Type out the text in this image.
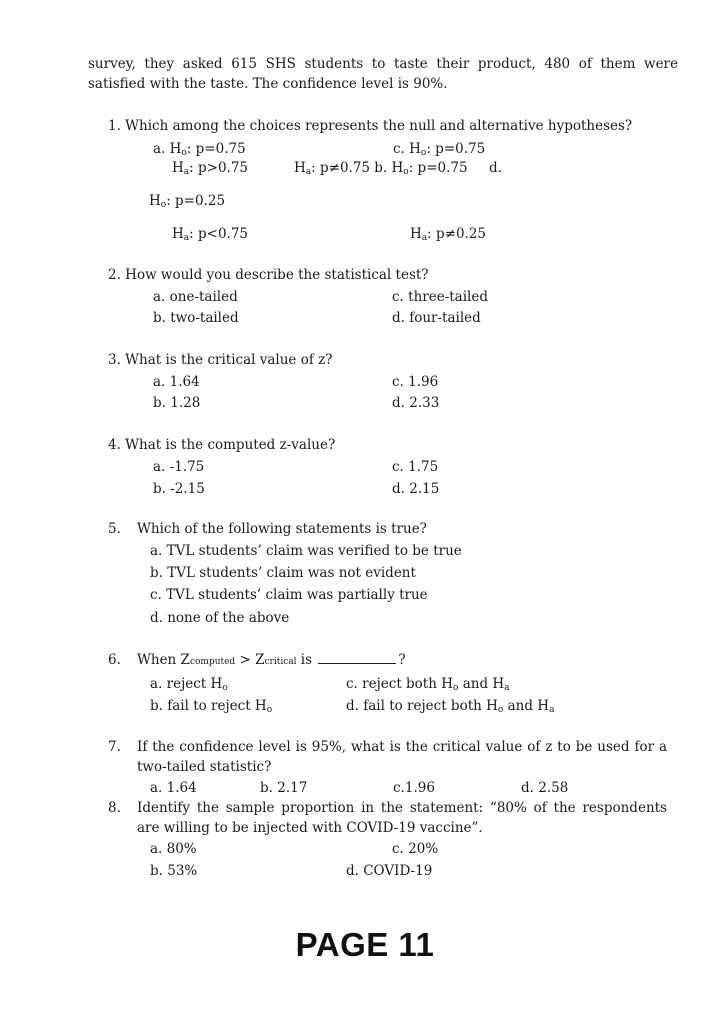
survey, they asked 615 SHS students to taste their product, 480 of them were satisfied with the taste. The confidence level is 90%.
1. Which among the choices represents the null and alternative hypotheses?
a. $H_o$: p=0.75	c. $H_o$: p=0.75
$H_a$: p>0.75	$H_a$: p≠0.75 b. $H_o$: p=0.75 d.
$H_o$: p=0.25
$H_a$: p<0.75	$H_a$: p≠0.25
2. How would you describe the statistical test?
a. one-tailed
b. two-tailed
c. three-tailed
d. four-tailed
3. What is the critical value of z?
a. 1.64
b. 1.28
c. 1.96
d. 2.33
4. What is the computed z-value?
a. -1.75
b. -2.15
c. 1.75
d. 2.15
5. Which of the following statements is true?
a. TVL students’ claim was verified to be true
b. TVL students’ claim was not evident
c. TVL students’ claim was partially true
d. none of the above
6. When Zcomputed > Zcritical is	?
a. reject $H_o$
b. fail to reject $H_o$
c. reject both $H_o$ and $H_a$
d. fail to reject both $H_o$ and $H_a$
7. If the confidence level is 95%, what is the critical value of z to be used for a two-tailed statistic?
a. 1.64	b. 2.17	c.1.96	d. 2.58
8. Identify the sample proportion in the statement: “80% of the respondents are willing to be injected with COVID-19 vaccine”.
a. 80%
b. 53%
c. 20%
d. COVID-19
PAGE 11
